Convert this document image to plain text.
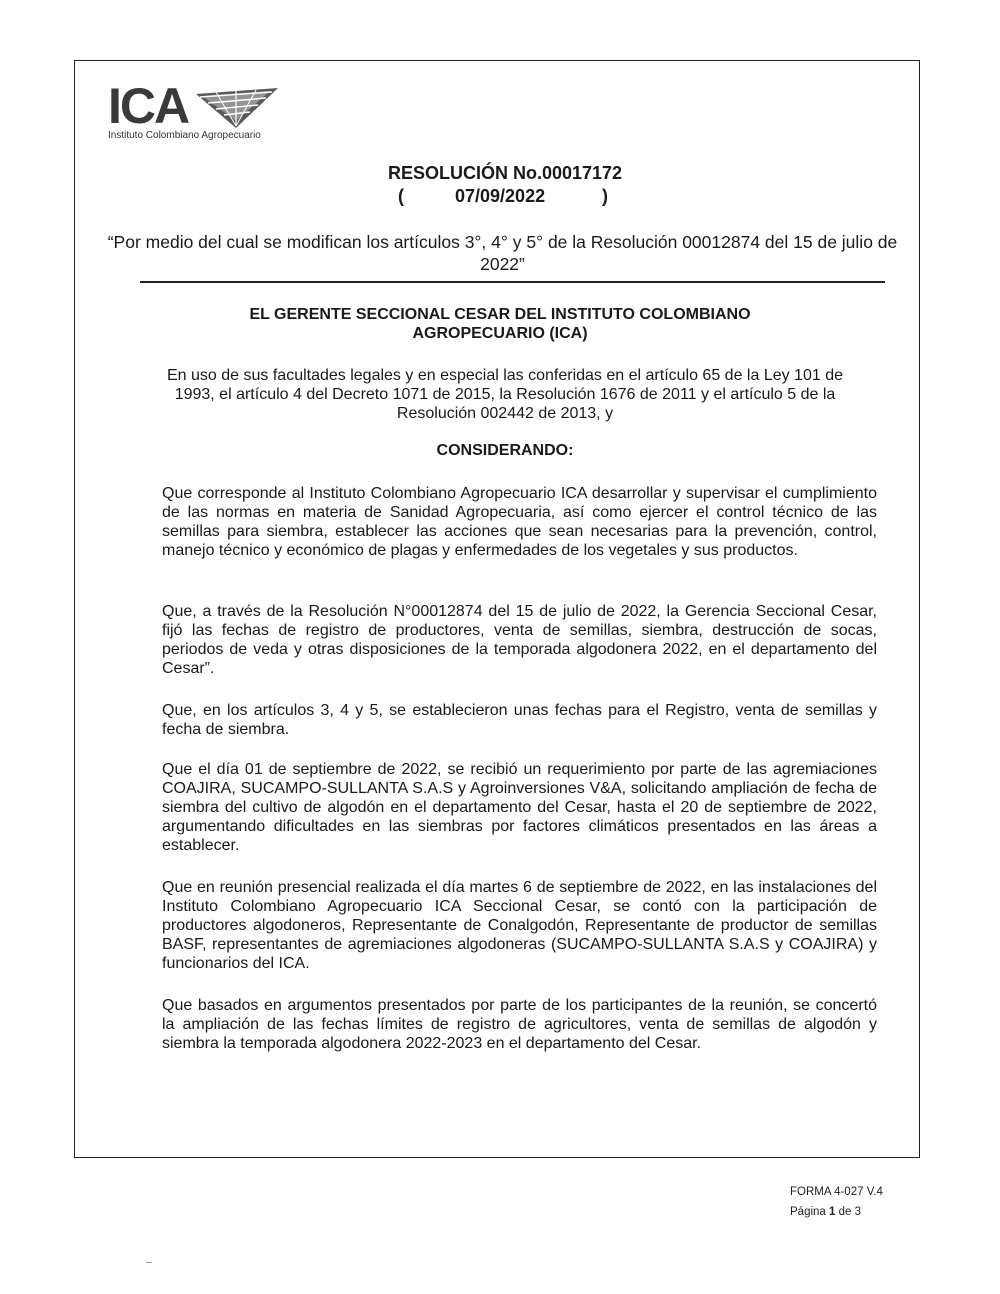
ICA
Instituto Colombiano Agropecuario
RESOLUCIÓN No.00017172
(	07/09/2022	)
“Por medio del cual se modifican los artículos 3°, 4° y 5° de la Resolución 00012874 del 15 de julio de 2022”
EL GERENTE SECCIONAL CESAR DEL INSTITUTO COLOMBIANO
AGROPECUARIO (ICA)
En uso de sus facultades legales y en especial las conferidas en el artículo 65 de la Ley 101 de 1993, el artículo 4 del Decreto 1071 de 2015, la Resolución 1676 de 2011 y el artículo 5 de la Resolución 002442 de 2013, y
CONSIDERANDO:
Que corresponde al Instituto Colombiano Agropecuario ICA desarrollar y supervisar el cumplimiento de las normas en materia de Sanidad Agropecuaria, así como ejercer el control técnico de las semillas para siembra, establecer las acciones que sean necesarias para la prevención, control, manejo técnico y económico de plagas y enfermedades de los vegetales y sus productos.
Que, a través de la Resolución N°00012874 del 15 de julio de 2022, la Gerencia Seccional Cesar, fijó las fechas de registro de productores, venta de semillas, siembra, destrucción de socas, periodos de veda y otras disposiciones de la temporada algodonera 2022, en el departamento del Cesar”.
Que, en los artículos 3, 4 y 5, se establecieron unas fechas para el Registro, venta de semillas y fecha de siembra.
Que el día 01 de septiembre de 2022, se recibió un requerimiento por parte de las agremiaciones COAJIRA, SUCAMPO-SULLANTA S.A.S y Agroinversiones V&A, solicitando ampliación de fecha de siembra del cultivo de algodón en el departamento del Cesar, hasta el 20 de septiembre de 2022, argumentando dificultades en las siembras por factores climáticos presentados en las áreas a establecer.
Que en reunión presencial realizada el día martes 6 de septiembre de 2022, en las instalaciones del Instituto Colombiano Agropecuario ICA Seccional Cesar, se contó con la participación de productores algodoneros, Representante de Conalgodón, Representante de productor de semillas BASF, representantes de agremiaciones algodoneras (SUCAMPO-SULLANTA S.A.S y COAJIRA) y funcionarios del ICA.
Que basados en argumentos presentados por parte de los participantes de la reunión, se concertó la ampliación de las fechas límites de registro de agricultores, venta de semillas de algodón y siembra la temporada algodonera 2022-2023 en el departamento del Cesar.
FORMA 4-027 V.4
Página 1 de 3
